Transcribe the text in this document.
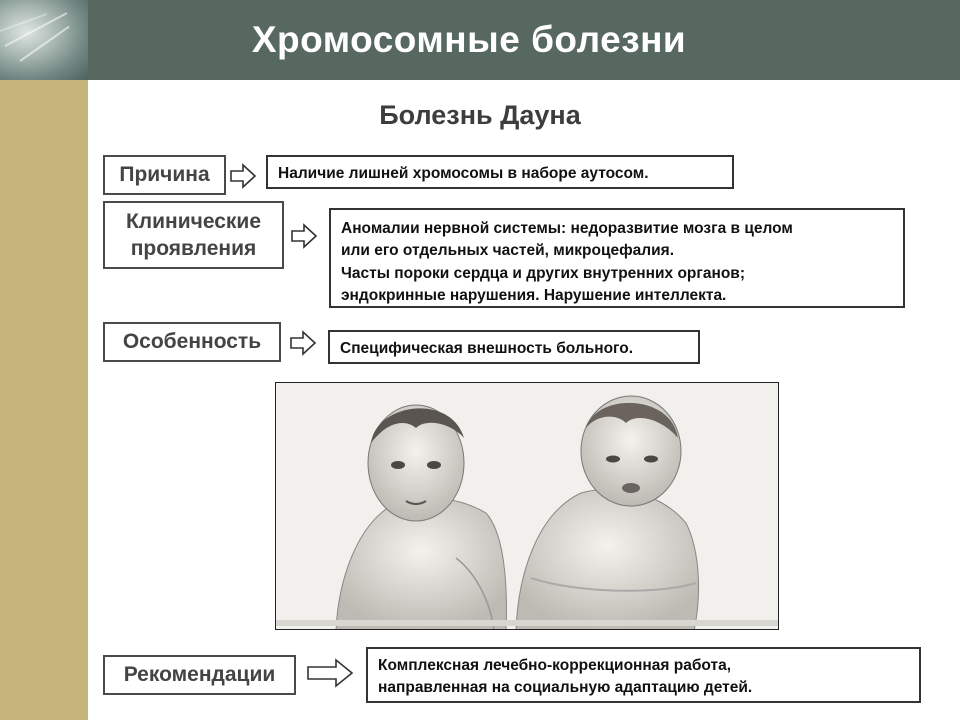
Хромосомные болезни
Болезнь Дауна
Причина	Наличие лишней хромосомы в наборе аутосом.

Клинические
проявления

Аномалии нервной системы: недоразвитие мозга в целом

или его отдельных частей, микроцефалия.

Часты пороки сердца и других внутренних органов;

эндокринные нарушения. Нарушение интеллекта.

Особенность	Специфическая внешность больного.

Рекомендации	Комплексная лечебно-коррекционная работа,

направленная на социальную адаптацию детей.
